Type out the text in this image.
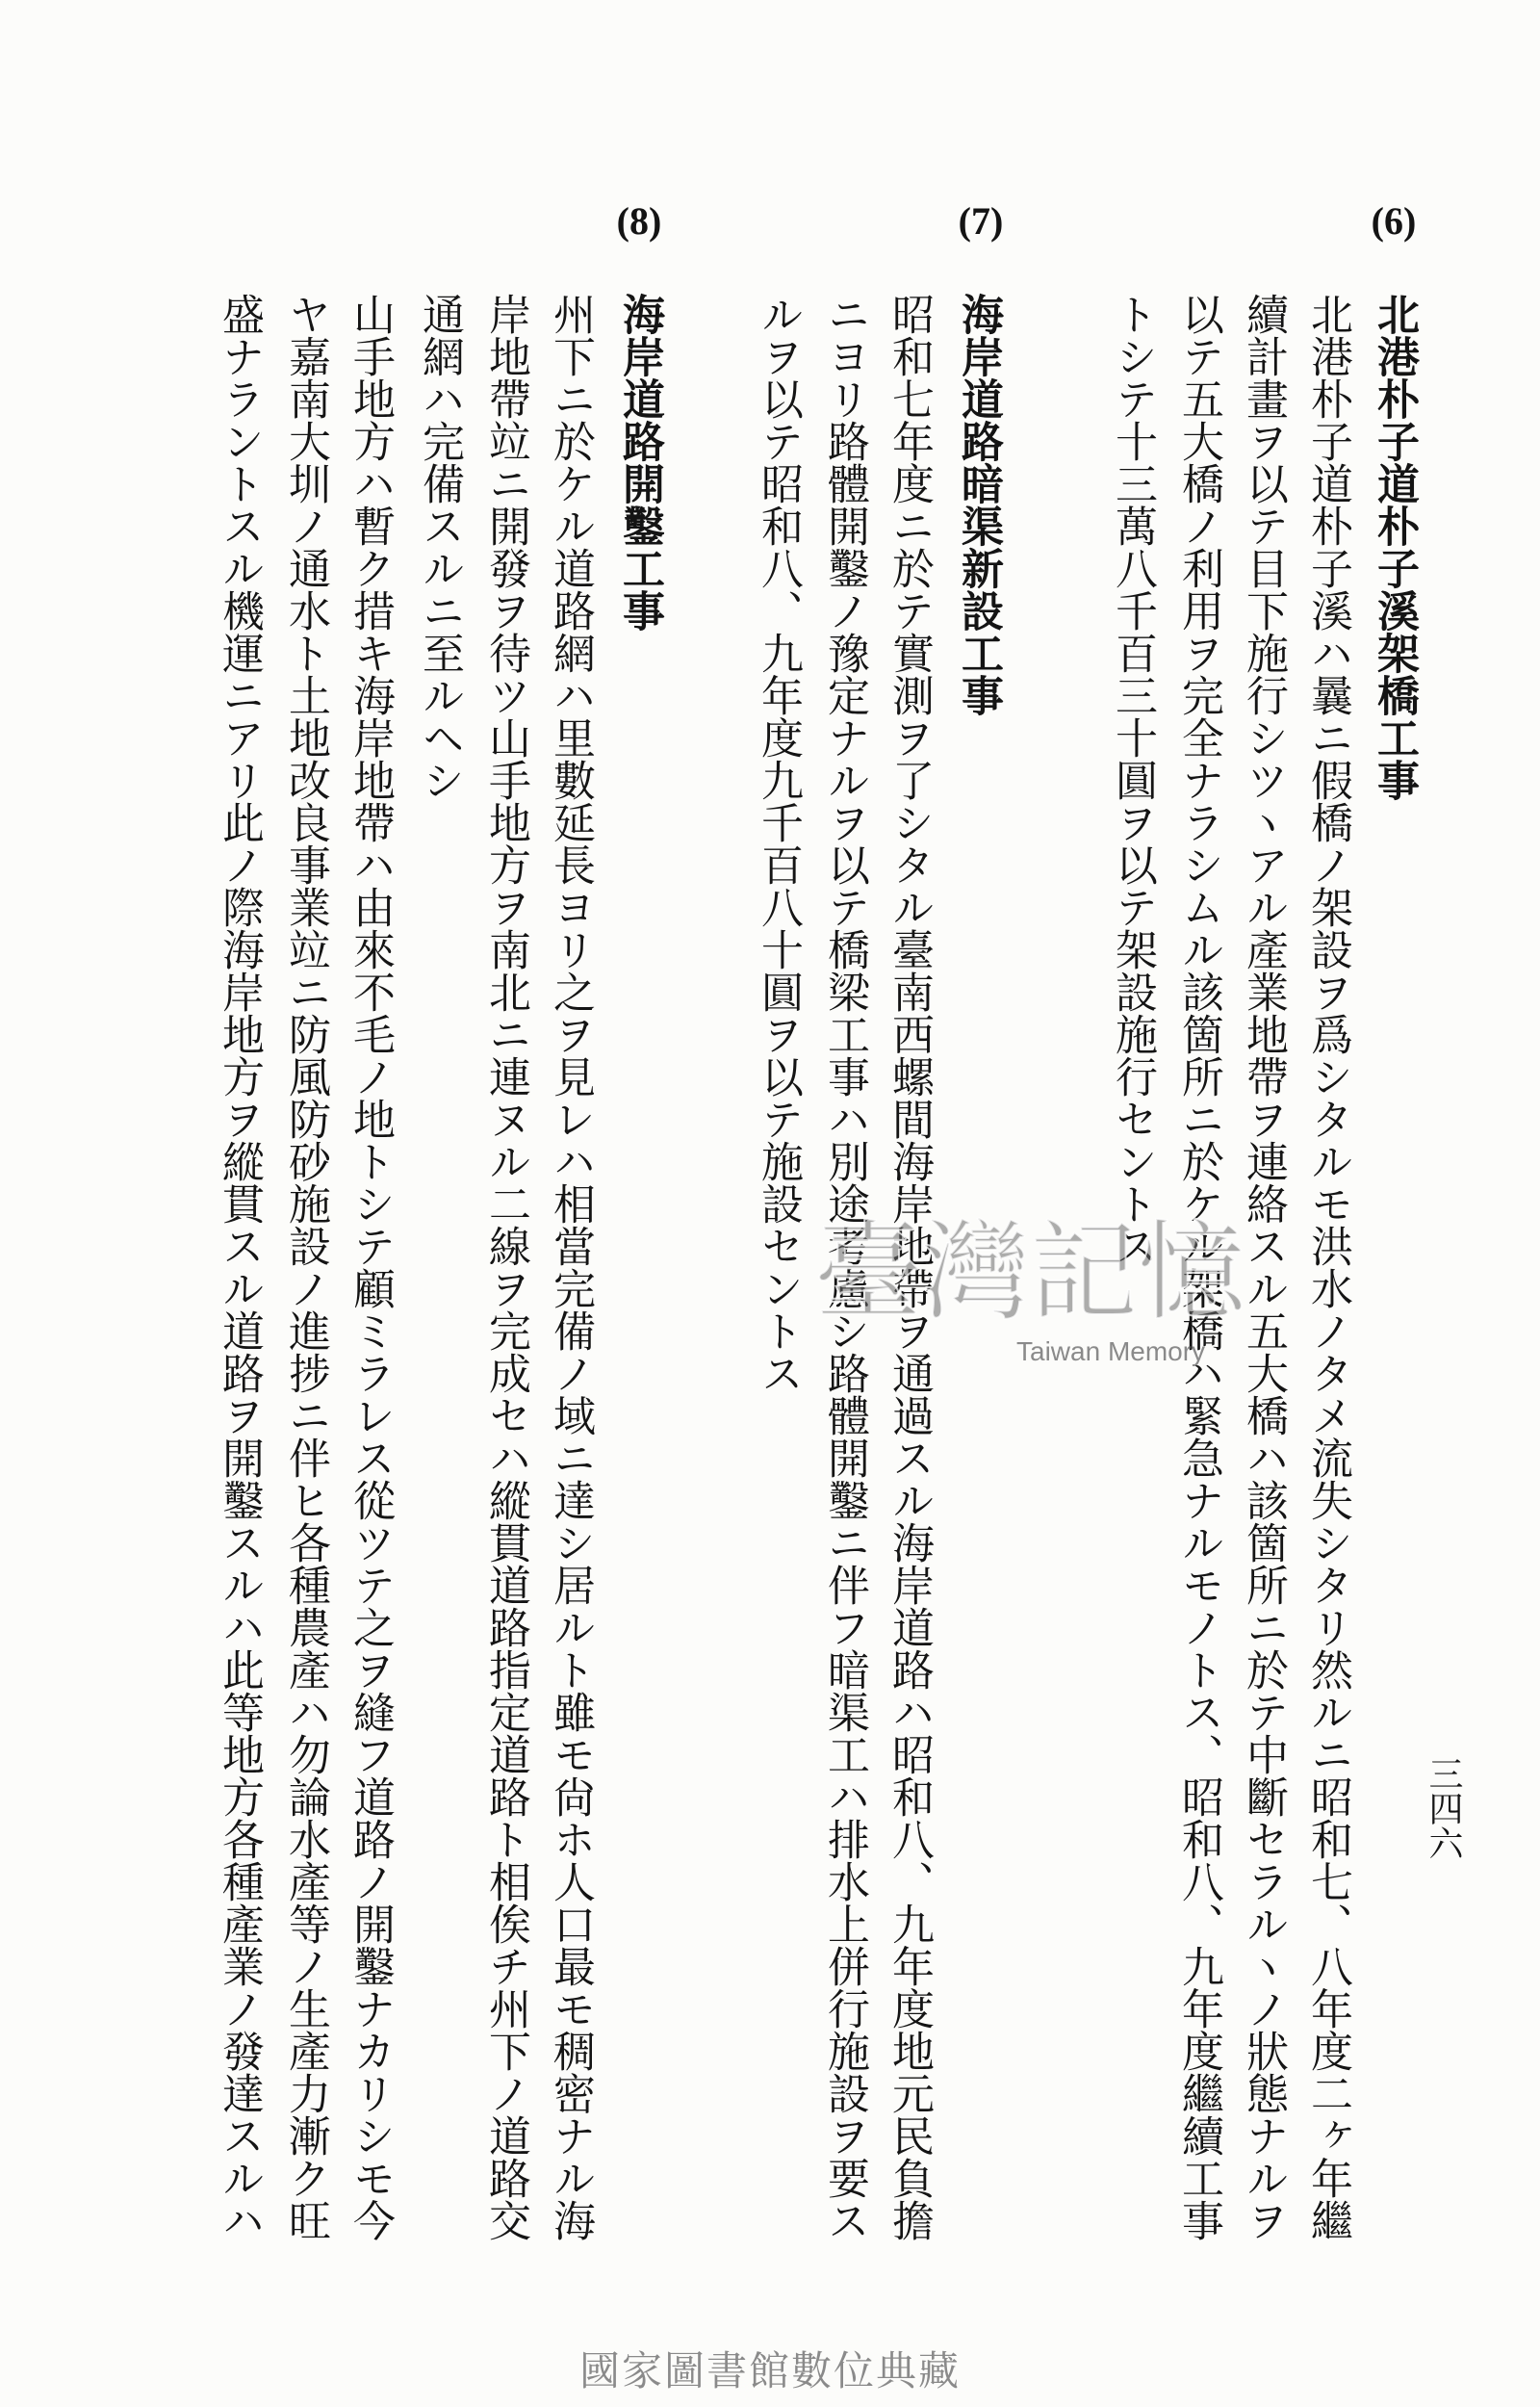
(6)
北港朴子道朴子溪架橋工事
北港朴子道朴子溪ハ曩ニ假橋ノ架設ヲ爲シタルモ洪水ノタメ流失シタリ然ルニ昭和七、八年度二ヶ年繼
續計畫ヲ以テ目下施行シツヽアル產業地帶ヲ連絡スル五大橋ハ該箇所ニ於テ中斷セラルヽノ狀態ナルヲ
以テ五大橋ノ利用ヲ完全ナラシムル該箇所ニ於ケル架橋ハ緊急ナルモノトス、昭和八、九年度繼續工事
トシテ十三萬八千百三十圓ヲ以テ架設施行セントス
(7)
海岸道路暗渠新設工事
昭和七年度ニ於テ實測ヲ了シタル臺南西螺間海岸地帶ヲ通過スル海岸道路ハ昭和八、九年度地元民負擔
ニヨリ路體開鑿ノ豫定ナルヲ以テ橋梁工事ハ別途考慮シ路體開鑿ニ伴フ暗渠工ハ排水上併行施設ヲ要ス
ルヲ以テ昭和八、九年度九千百八十圓ヲ以テ施設セントス
(8)
海岸道路開鑿工事
州下ニ於ケル道路網ハ里數延長ヨリ之ヲ見レハ相當完備ノ域ニ達シ居ルト雖モ尙ホ人口最モ稠密ナル海
岸地帶竝ニ開發ヲ待ツ山手地方ヲ南北ニ連ヌル二線ヲ完成セハ縱貫道路指定道路ト相俟チ州下ノ道路交
通網ハ完備スルニ至ルヘシ
山手地方ハ暫ク措キ海岸地帶ハ由來不毛ノ地トシテ顧ミラレス從ツテ之ヲ縫フ道路ノ開鑿ナカリシモ今
ヤ嘉南大圳ノ通水ト土地改良事業竝ニ防風防砂施設ノ進捗ニ伴ヒ各種農產ハ勿論水產等ノ生產力漸ク旺
盛ナラントスル機運ニアリ此ノ際海岸地方ヲ縱貫スル道路ヲ開鑿スルハ此等地方各種產業ノ發達スルハ	三四六
臺灣記憶
Taiwan Memory
國家圖書館數位典藏
